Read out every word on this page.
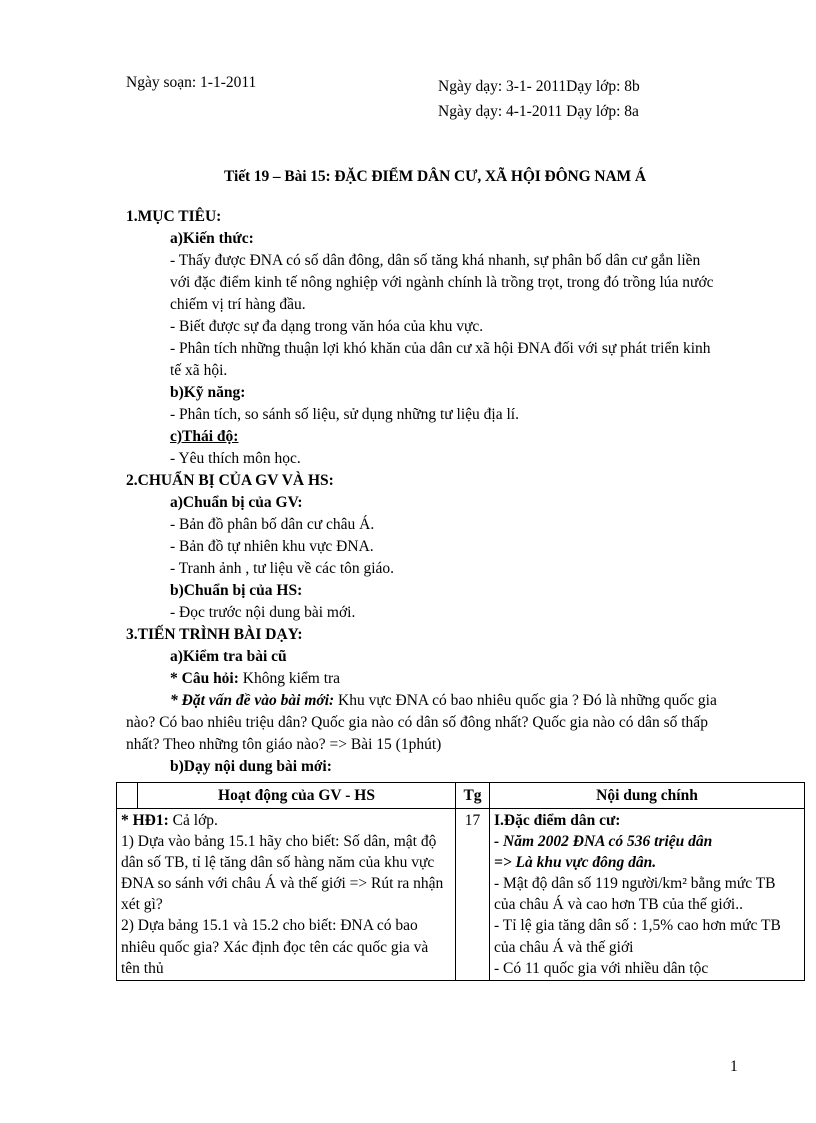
Ngày soạn: 1-1-2011	Ngày dạy: 3-1- 2011Dạy lớp: 8b
Ngày dạy: 4-1-2011 Dạy lớp: 8a
Tiết 19 – Bài 15: ĐẶC ĐIỂM DÂN CƯ, XÃ HỘI ĐÔNG NAM Á
1.MỤC TIÊU:
a)Kiến thức:
- Thấy được ĐNA có số dân đông, dân số tăng khá nhanh, sự phân bố dân cư gắn liền với đặc điểm kinh tế nông nghiệp với ngành chính là trồng trọt, trong đó trồng lúa nước chiếm vị trí hàng đầu.
- Biết được sự đa dạng trong văn hóa của khu vực.
- Phân tích những thuận lợi khó khăn của dân cư xã hội ĐNA đối với sự phát triển kinh tế xã hội.
b)Kỹ năng:
- Phân tích, so sánh số liệu, sử dụng những tư liệu địa lí.
c)Thái độ:
- Yêu thích môn học.
2.CHUẨN BỊ CỦA GV VÀ HS:
a)Chuẩn bị của GV:
- Bản đồ phân bố dân cư châu Á.
- Bản đồ tự nhiên khu vực ĐNA.
- Tranh ảnh , tư liệu về các tôn giáo.
b)Chuẩn bị của HS:
- Đọc trước nội dung bài mới.
3.TIẾN TRÌNH BÀI DẠY:
a)Kiểm tra bài cũ
* Câu hỏi: Không kiểm tra
* Đặt vấn đề vào bài mới: Khu vực ĐNA có bao nhiêu quốc gia ? Đó là những quốc gia nào? Có bao nhiêu triệu dân? Quốc gia nào có dân số đông nhất? Quốc gia nào có dân số thấp nhất? Theo những tôn giáo nào? => Bài 15 (1phút)
b)Dạy nội dung bài mới:
	Hoạt động của GV - HS	Tg	Nội dung chính

* HĐ1: Cả lớp.
1) Dựa vào bảng 15.1 hãy cho biết: Số dân, mật độ dân số TB, tỉ lệ tăng dân số hàng năm của khu vực ĐNA so sánh với châu Á và thế giới => Rút ra nhận xét gì?
2) Dựa bảng 15.1 và 15.2 cho biết: ĐNA có bao nhiêu quốc gia? Xác định đọc tên các quốc gia và tên thủ
	17	I.Đặc điểm dân cư:
- Năm 2002 ĐNA có 536 triệu dân
=> Là khu vực đông dân.
- Mật độ dân số 119 người/km² bằng mức TB của châu Á và cao hơn TB của thế giới..
- Tỉ lệ gia tăng dân số : 1,5% cao hơn mức TB của châu Á và thế giới
- Có 11 quốc gia với nhiều dân tộc
1
